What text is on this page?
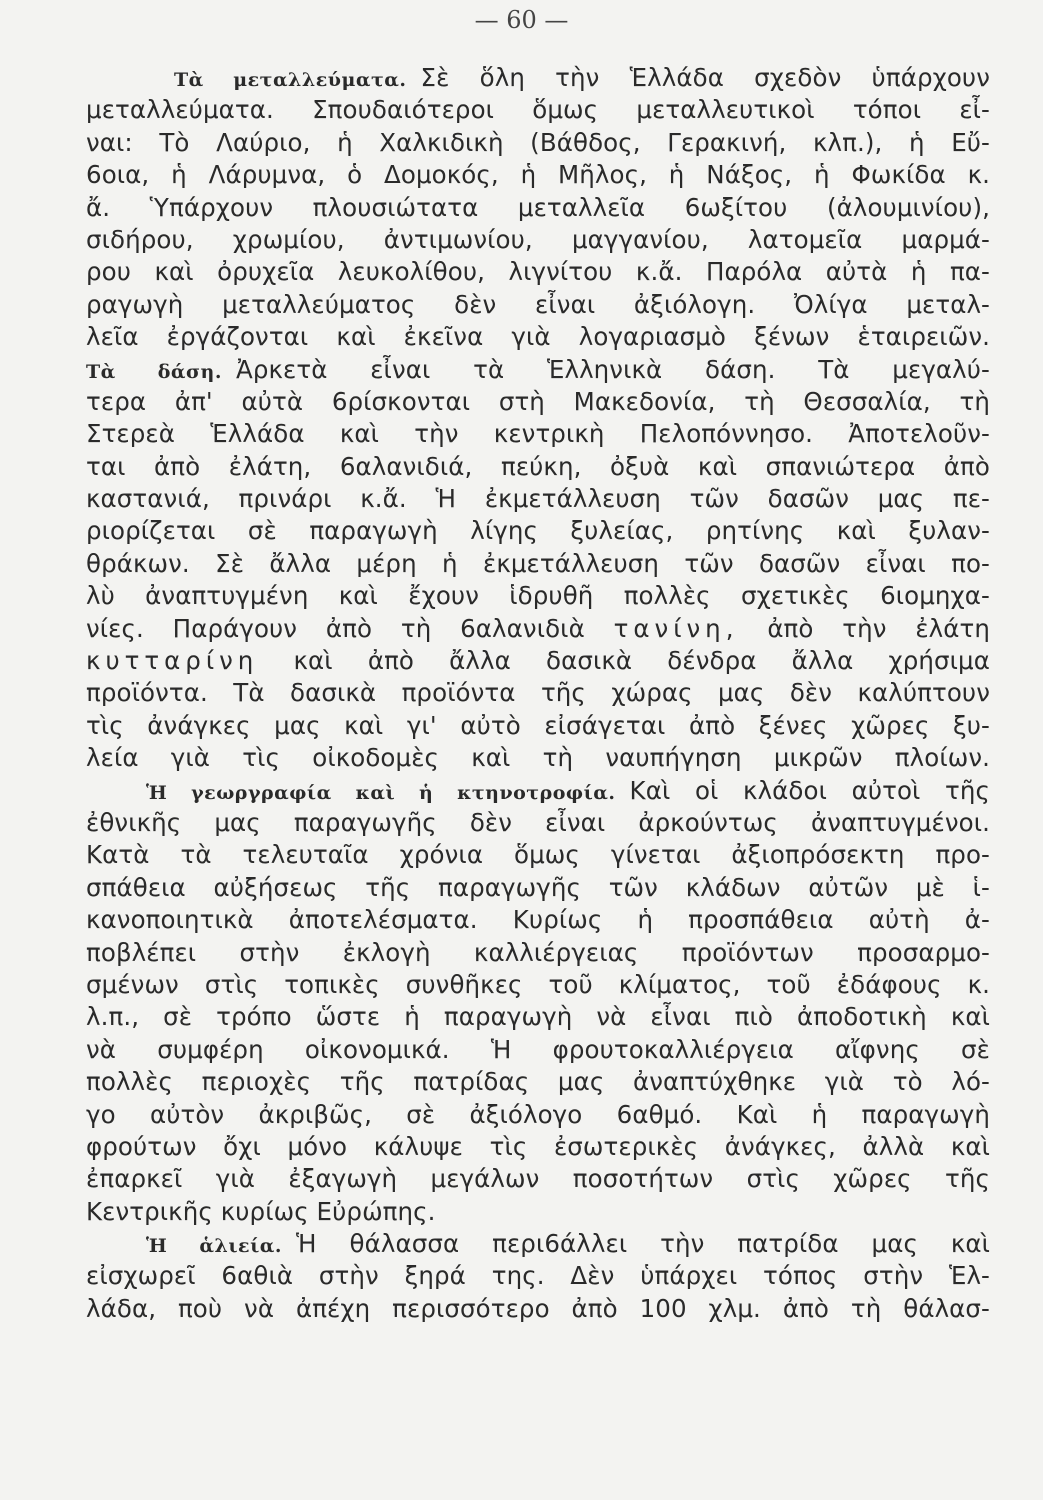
— 60 —
Τὰ μεταλλεύματα. Σὲ ὅλη τὴν Ἑλλάδα σχεδὸν ὑπάρχουν
μεταλλεύματα. Σπουδαιότεροι ὅμως μεταλλευτικοὶ τόποι εἶ-
ναι: Τὸ Λαύριο, ἡ Χαλκιδικὴ (Βάθδος, Γερακινή, κλπ.), ἡ Εὔ-
6οια, ἡ Λάρυμνα, ὁ Δομοκός, ἡ Μῆλος, ἡ Νάξος, ἡ Φωκίδα κ.
ἄ. Ὑπάρχουν πλουσιώτατα μεταλλεῖα 6ωξίτου (ἀλουμινίου),
σιδήρου, χρωμίου, ἀντιμωνίου, μαγγανίου, λατομεῖα μαρμά-
ρου καὶ ὀρυχεῖα λευκολίθου, λιγνίτου κ.ἄ. Παρόλα αὐτὰ ἡ πα-
ραγωγὴ μεταλλεύματος δὲν εἶναι ἀξιόλογη. Ὀλίγα μεταλ-
λεῖα ἐργάζονται καὶ ἐκεῖνα γιὰ λογαριασμὸ ξένων ἑταιρειῶν.
Τὰ δάση. Ἀρκετὰ εἶναι τὰ Ἑλληνικὰ δάση. Τὰ μεγαλύ-
τερα ἀπ' αὐτὰ 6ρίσκονται στὴ Μακεδονία, τὴ Θεσσαλία, τὴ
Στερεὰ Ἑλλάδα καὶ τὴν κεντρικὴ Πελοπόννησο. Ἀποτελοῦν-
ται ἀπὸ ἐλάτη, 6αλανιδιά, πεύκη, ὀξυὰ καὶ σπανιώτερα ἀπὸ
καστανιά, πρινάρι κ.ἄ. Ἡ ἐκμετάλλευση τῶν δασῶν μας πε-
ριορίζεται σὲ παραγωγὴ λίγης ξυλείας, ρητίνης καὶ ξυλαν-
θράκων. Σὲ ἄλλα μέρη ἡ ἐκμετάλλευση τῶν δασῶν εἶναι πο-
λὺ ἀναπτυγμένη καὶ ἔχουν ἱδρυθῆ πολλὲς σχετικὲς 6ιομηχα-
νίες. Παράγουν ἀπὸ τὴ 6αλανιδιὰ τανίνη, ἀπὸ τὴν ἐλάτη
κυτταρίνη καὶ ἀπὸ ἄλλα δασικὰ δένδρα ἄλλα χρήσιμα
προϊόντα. Τὰ δασικὰ προϊόντα τῆς χώρας μας δὲν καλύπτουν
τὶς ἀνάγκες μας καὶ γι' αὐτὸ εἰσάγεται ἀπὸ ξένες χῶρες ξυ-
λεία γιὰ τὶς οἰκοδομὲς καὶ τὴ ναυπήγηση μικρῶν πλοίων.
Ἡ γεωργραφία καὶ ἡ κτηνοτροφία. Καὶ οἱ κλάδοι αὐτοὶ τῆς
ἐθνικῆς μας παραγωγῆς δὲν εἶναι ἀρκούντως ἀναπτυγμένοι.
Κατὰ τὰ τελευταῖα χρόνια ὅμως γίνεται ἀξιοπρόσεκτη προ-
σπάθεια αὐξήσεως τῆς παραγωγῆς τῶν κλάδων αὐτῶν μὲ ἱ-
κανοποιητικὰ ἀποτελέσματα. Κυρίως ἡ προσπάθεια αὐτὴ ἀ-
ποβλέπει στὴν ἐκλογὴ καλλιέργειας προϊόντων προσαρμο-
σμένων στὶς τοπικὲς συνθῆκες τοῦ κλίματος, τοῦ ἐδάφους κ.
λ.π., σὲ τρόπο ὥστε ἡ παραγωγὴ νὰ εἶναι πιὸ ἀποδοτικὴ καὶ
νὰ συμφέρη οἰκονομικά. Ἡ φρουτοκαλλιέργεια αἴφνης σὲ
πολλὲς περιοχὲς τῆς πατρίδας μας ἀναπτύχθηκε γιὰ τὸ λό-
γο αὐτὸν ἀκριβῶς, σὲ ἀξιόλογο 6αθμό. Καὶ ἡ παραγωγὴ
φρούτων ὄχι μόνο κάλυψε τὶς ἐσωτερικὲς ἀνάγκες, ἀλλὰ καὶ
ἐπαρκεῖ γιὰ ἐξαγωγὴ μεγάλων ποσοτήτων στὶς χῶρες τῆς
Κεντρικῆς κυρίως Εὐρώπης.
Ἡ ἁλιεία. Ἡ θάλασσα περι6άλλει τὴν πατρίδα μας καὶ
εἰσχωρεῖ 6αθιὰ στὴν ξηρά της. Δὲν ὑπάρχει τόπος στὴν Ἑλ-
λάδα, ποὺ νὰ ἀπέχη περισσότερο ἀπὸ 100 χλμ. ἀπὸ τὴ θάλασ-
